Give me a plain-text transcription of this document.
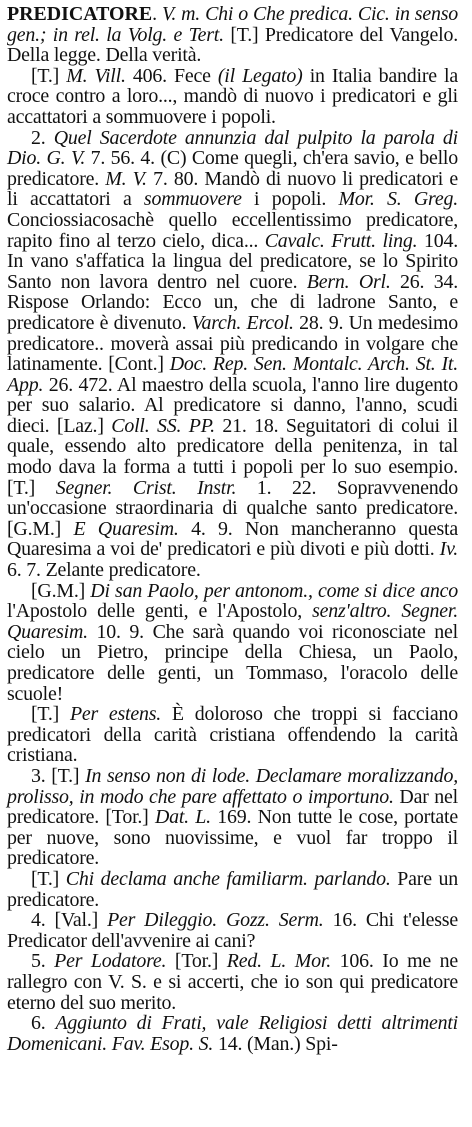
PREDICATORE. V. m. Chi o Che predica. Cic. in senso gen.; in rel. la Volg. e Tert. [T.] Predicatore del Vangelo. Della legge. Della verità.

[T.] M. Vill. 406. Fece (il Legato) in Italia bandire la croce contro a loro..., mandò di nuovo i predicatori e gli accattatori a sommuovere i popoli.

2. Quel Sacerdote annunzia dal pulpito la parola di Dio. G. V. 7. 56. 4. (C) Come quegli, ch'era savio, e bello predicatore. M. V. 7. 80. Mandò di nuovo li predicatori e li accattatori a sommuovere i popoli. Mor. S. Greg. Conciossiacosachè quello eccellentissimo predicatore, rapito fino al terzo cielo, dica... Cavalc. Frutt. ling. 104. In vano s'affatica la lingua del predicatore, se lo Spirito Santo non lavora dentro nel cuore. Bern. Orl. 26. 34. Rispose Orlando: Ecco un, che di ladrone Santo, e predicatore è divenuto. Varch. Ercol. 28. 9. Un medesimo predicatore.. moverà assai più predicando in volgare che latinamente. [Cont.] Doc. Rep. Sen. Montalc. Arch. St. It. App. 26. 472. Al maestro della scuola, l'anno lire dugento per suo salario. Al predicatore si danno, l'anno, scudi dieci. [Laz.] Coll. SS. PP. 21. 18. Seguitatori di colui il quale, essendo alto predicatore della penitenza, in tal modo dava la forma a tutti i popoli per lo suo esempio. [T.] Segner. Crist. Instr. 1. 22. Sopravvenendo un'occasione straordinaria di qualche santo predicatore. [G.M.] E Quaresim. 4. 9. Non mancheranno questa Quaresima a voi de' predicatori e più divoti e più dotti. Iv. 6. 7. Zelante predicatore.

[G.M.] Di san Paolo, per antonom., come si dice anco l'Apostolo delle genti, e l'Apostolo, senz'altro. Segner. Quaresim. 10. 9. Che sarà quando voi riconosciate nel cielo un Pietro, principe della Chiesa, un Paolo, predicatore delle genti, un Tommaso, l'oracolo delle scuole!

[T.] Per estens. È doloroso che troppi si facciano predicatori della carità cristiana offendendo la carità cristiana.

3. [T.] In senso non di lode. Declamare moralizzando, prolisso, in modo che pare affettato o importuno. Dar nel predicatore. [Tor.] Dat. L. 169. Non tutte le cose, portate per nuove, sono nuovissime, e vuol far troppo il predicatore.

[T.] Chi declama anche familiarm. parlando. Pare un predicatore.

4. [Val.] Per Dileggio. Gozz. Serm. 16. Chi t'elesse Predicator dell'avvenire ai cani?

5. Per Lodatore. [Tor.] Red. L. Mor. 106. Io me ne rallegro con V. S. e si accerti, che io son qui predicatore eterno del suo merito.

6. Aggiunto di Frati, vale Religiosi detti altrimenti Domenicani. Fav. Esop. S. 14. (Man.) Spi-
